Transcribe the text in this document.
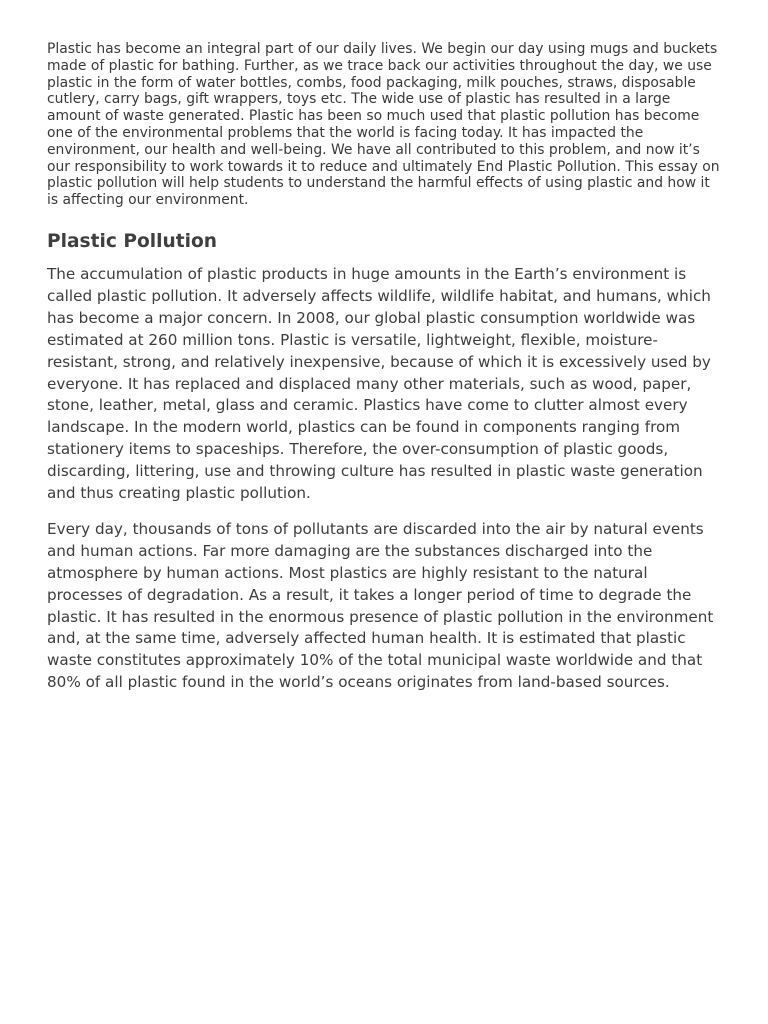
Plastic has become an integral part of our daily lives. We begin our day using mugs and buckets made of plastic for bathing. Further, as we trace back our activities throughout the day, we use plastic in the form of water bottles, combs, food packaging, milk pouches, straws, disposable cutlery, carry bags, gift wrappers, toys etc. The wide use of plastic has resulted in a large amount of waste generated. Plastic has been so much used that plastic pollution has become one of the environmental problems that the world is facing today. It has impacted the environment, our health and well-being. We have all contributed to this problem, and now it’s our responsibility to work towards it to reduce and ultimately End Plastic Pollution. This essay on plastic pollution will help students to understand the harmful effects of using plastic and how it is affecting our environment.

Plastic Pollution

The accumulation of plastic products in huge amounts in the Earth’s environment is called plastic pollution. It adversely affects wildlife, wildlife habitat, and humans, which has become a major concern. In 2008, our global plastic consumption worldwide was estimated at 260 million tons. Plastic is versatile, lightweight, flexible, moisture-resistant, strong, and relatively inexpensive, because of which it is excessively used by everyone. It has replaced and displaced many other materials, such as wood, paper, stone, leather, metal, glass and ceramic. Plastics have come to clutter almost every landscape. In the modern world, plastics can be found in components ranging from stationery items to spaceships. Therefore, the over-consumption of plastic goods, discarding, littering, use and throwing culture has resulted in plastic waste generation and thus creating plastic pollution.

Every day, thousands of tons of pollutants are discarded into the air by natural events and human actions. Far more damaging are the substances discharged into the atmosphere by human actions. Most plastics are highly resistant to the natural processes of degradation. As a result, it takes a longer period of time to degrade the plastic. It has resulted in the enormous presence of plastic pollution in the environment and, at the same time, adversely affected human health. It is estimated that plastic waste constitutes approximately 10% of the total municipal waste worldwide and that 80% of all plastic found in the world’s oceans originates from land-based sources.
